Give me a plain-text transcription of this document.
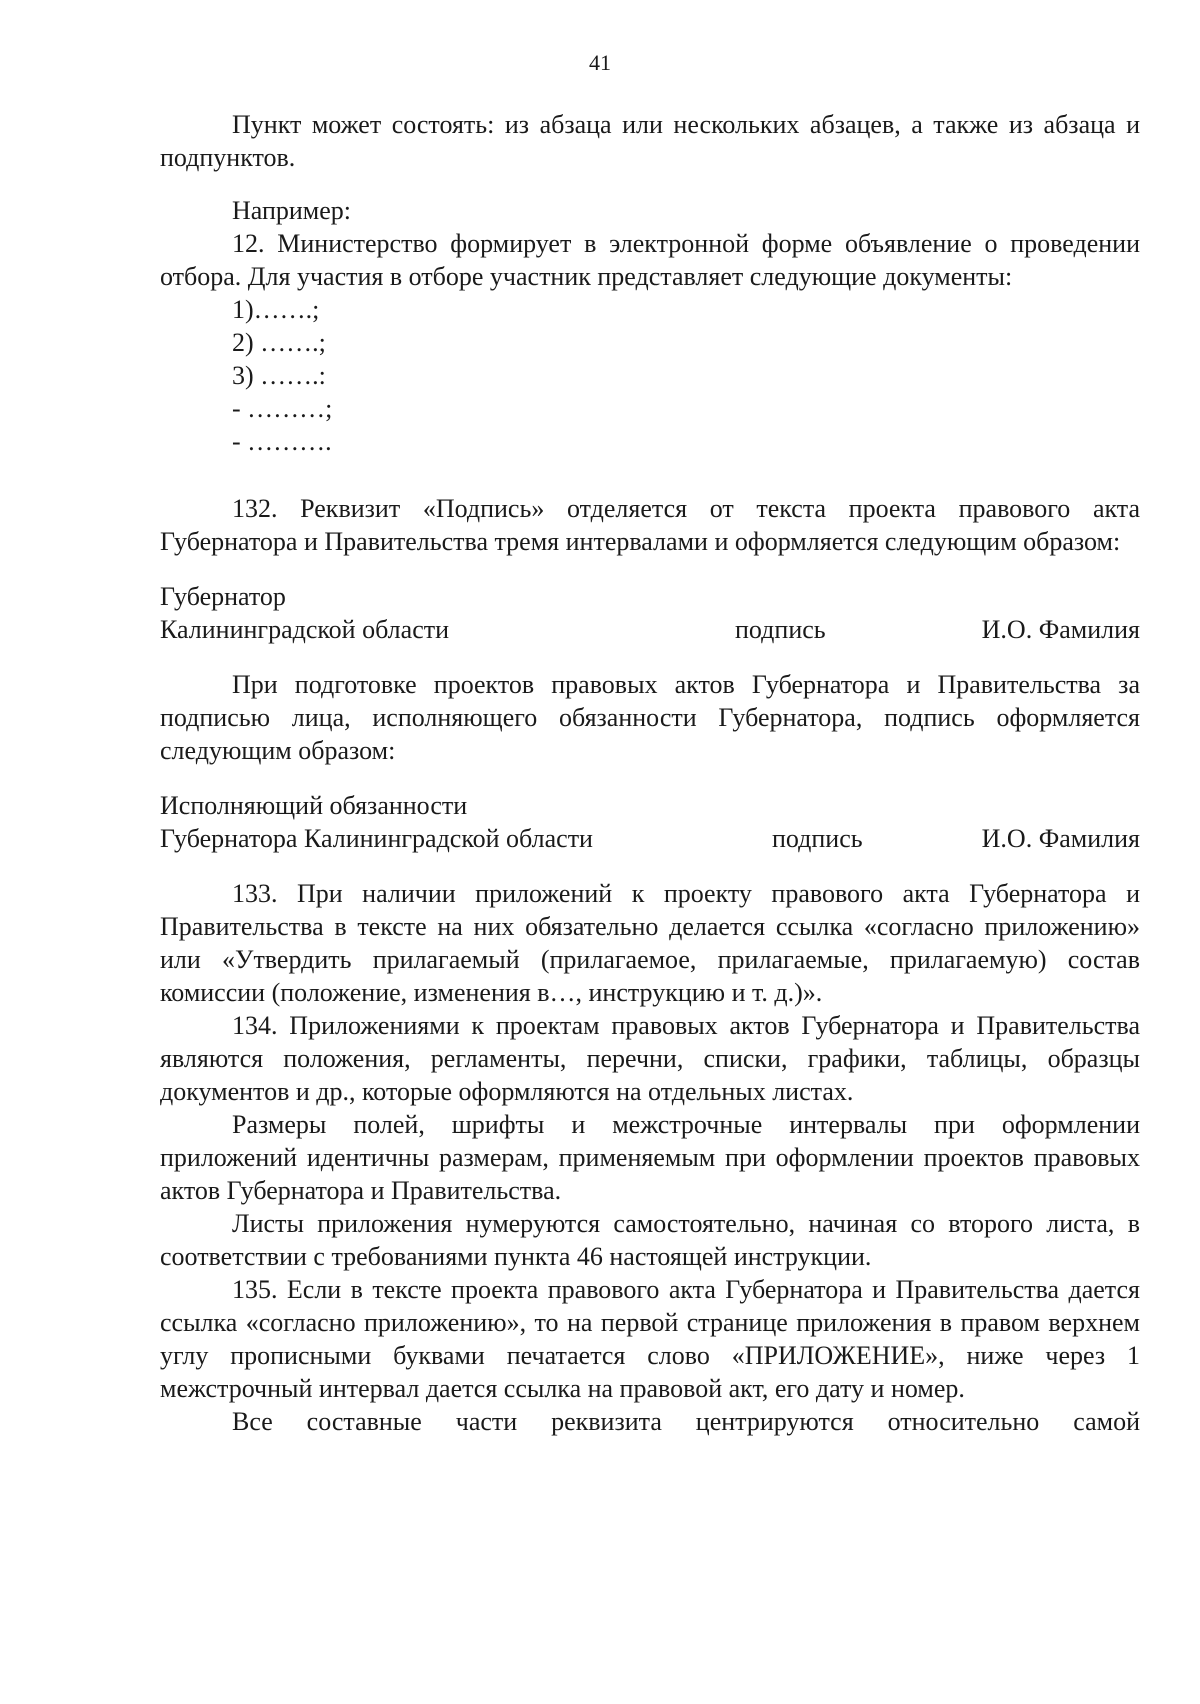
41

Пункт может состоять: из абзаца или нескольких абзацев, а также из абзаца и подпунктов.

Например:

12. Министерство формирует в электронной форме объявление о проведении отбора. Для участия в отборе участник представляет следующие документы:

1)…….;

2) …….;

3) …….:

- ………;

- ……….

132. Реквизит «Подпись» отделяется от текста проекта правового акта Губернатора и Правительства тремя интервалами и оформляется следующим образом:

Губернатор
Калининградской области	подпись	И.О. Фамилия

При подготовке проектов правовых актов Губернатора и Правительства за подписью лица, исполняющего обязанности Губернатора, подпись оформляется следующим образом:

Исполняющий обязанности
Губернатора Калининградской области	подпись	И.О. Фамилия

133. При наличии приложений к проекту правового акта Губернатора и Правительства в тексте на них обязательно делается ссылка «согласно приложению» или «Утвердить прилагаемый (прилагаемое, прилагаемые, прилагаемую) состав комиссии (положение, изменения в…, инструкцию и т. д.)».

134. Приложениями к проектам правовых актов Губернатора и Правительства являются положения, регламенты, перечни, списки, графики, таблицы, образцы документов и др., которые оформляются на отдельных листах.

Размеры полей, шрифты и межстрочные интервалы при оформлении приложений идентичны размерам, применяемым при оформлении проектов правовых актов Губернатора и Правительства.

Листы приложения нумеруются самостоятельно, начиная со второго листа, в соответствии с требованиями пункта 46 настоящей инструкции.

135. Если в тексте проекта правового акта Губернатора и Правительства дается ссылка «согласно приложению», то на первой странице приложения в правом верхнем углу прописными буквами печатается слово «ПРИЛОЖЕНИЕ», ниже через 1 межстрочный интервал дается ссылка на правовой акт, его дату и номер.

Все составные части реквизита центрируются относительно самой
